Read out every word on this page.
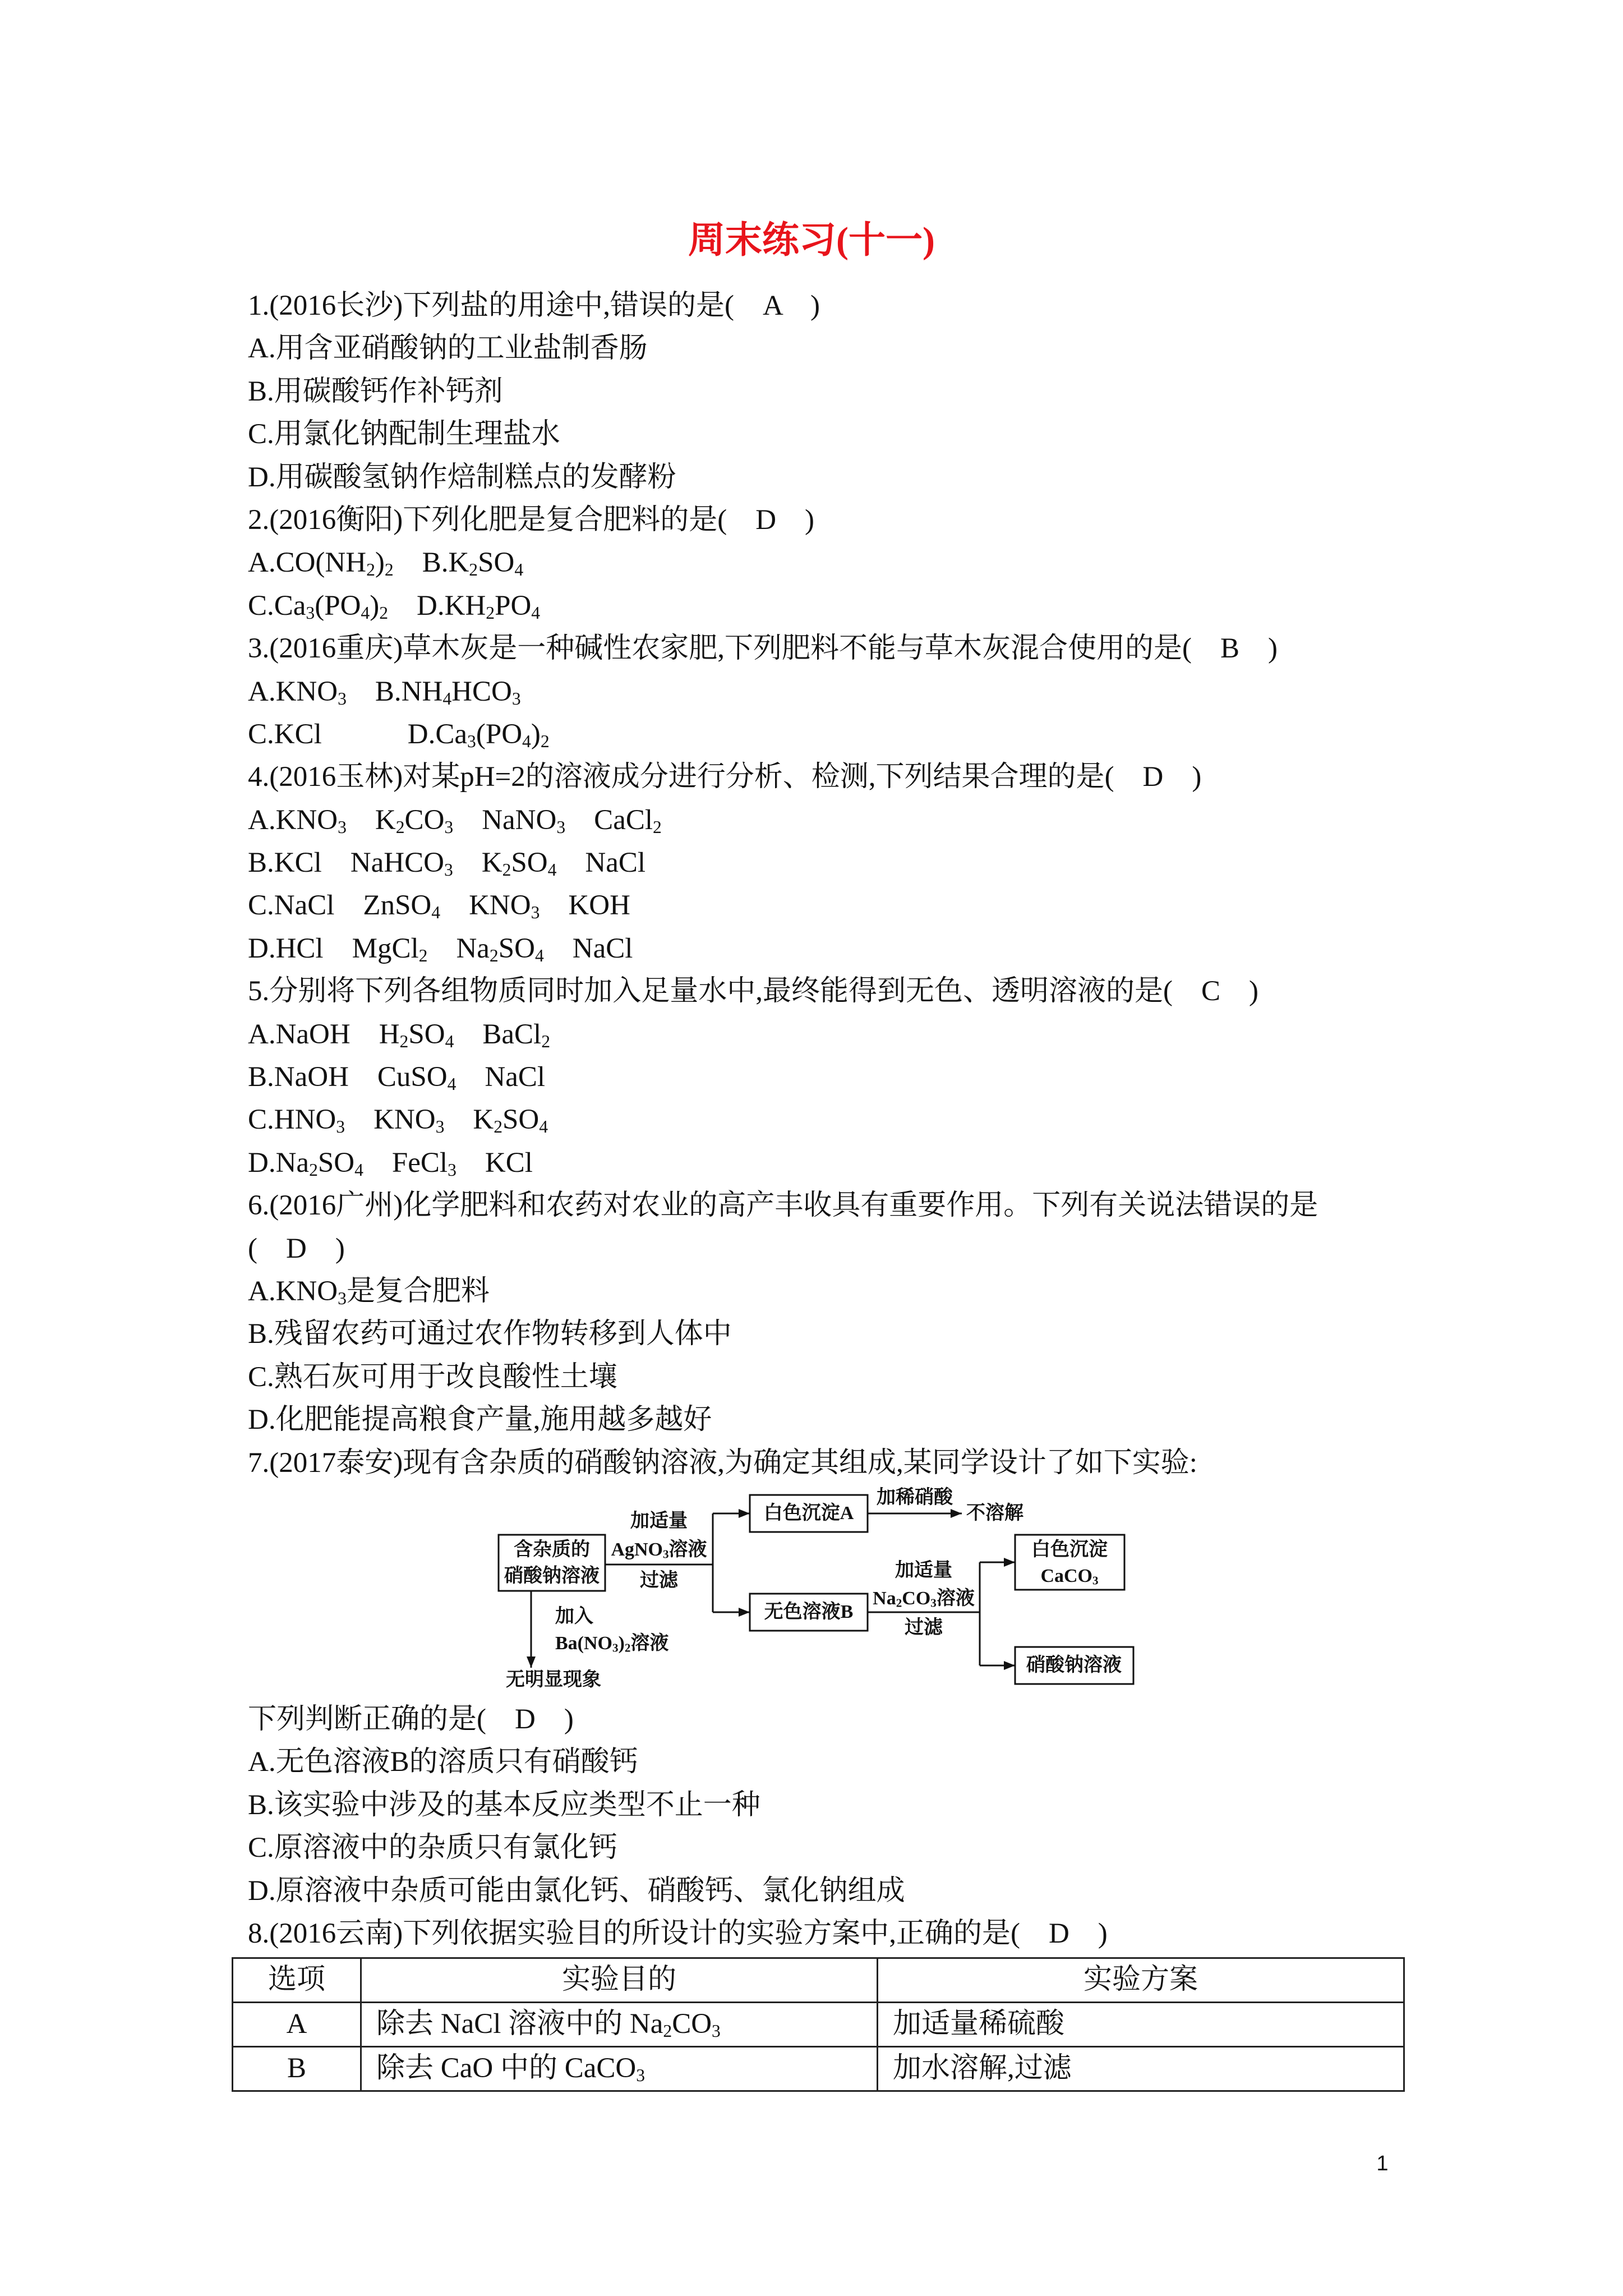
周末练习(十一)
1.(2016长沙)下列盐的用途中,错误的是(　A　)
A.用含亚硝酸钠的工业盐制香肠
B.用碳酸钙作补钙剂
C.用氯化钠配制生理盐水
D.用碳酸氢钠作焙制糕点的发酵粉
2.(2016衡阳)下列化肥是复合肥料的是(　D　)
$A.CO(NH_2)_2$　$B.K_2SO_4$
$C.Ca_3(PO_4)_2$　$D.KH_2PO_4$
3.(2016重庆)草木灰是一种碱性农家肥,下列肥料不能与草木灰混合使用的是(　B　)
$A.KNO_3$　$B.NH_4HCO_3$
C.KCl　　　$D.Ca_3(PO_4)_2$
4.(2016玉林)对某pH=2的溶液成分进行分析、检测,下列结果合理的是(　D　)
$A.KNO_3$　$K_2CO_3$　NaNO$_3$　CaCl$_2$
B.KCl　NaHCO$_3$　$K_2SO_4$　NaCl
C.NaCl　ZnSO$_4$　$KNO_3$　KOH
D.HCl　MgCl$_2$　$Na_2SO_4$　NaCl
5.分别将下列各组物质同时加入足量水中,最终能得到无色、透明溶液的是(　C　)
A.NaOH　$H_2SO_4$　BaCl$_2$
B.NaOH　CuSO$_4$　NaCl
$C.HNO_3$　$KNO_3$　$K_2SO_4$
$D.Na_2SO_4$　FeCl$_3$　KCl
6.(2016广州)化学肥料和农药对农业的高产丰收具有重要作用。下列有关说法错误的是
(　D　)
$A.KNO_3$是复合肥料
B.残留农药可通过农作物转移到人体中
C.熟石灰可用于改良酸性土壤
D.化肥能提高粮食产量,施用越多越好
7.(2017泰安)现有含杂质的硝酸钠溶液,为确定其组成,某同学设计了如下实验:
含杂质的
硝酸钠溶液
加适量
AgNO$_3$溶液
过滤
白色沉淀A
加稀硝酸
不溶解
无色溶液B
加适量
$Na_2CO_3$溶液
过滤
白色沉淀
CaCO$_3$
硝酸钠溶液
加入
$Ba(NO_3)_2$溶液
无明显现象
下列判断正确的是(　D　)
A.无色溶液B的溶质只有硝酸钙
B.该实验中涉及的基本反应类型不止一种
C.原溶液中的杂质只有氯化钙
D.原溶液中杂质可能由氯化钙、硝酸钙、氯化钠组成
8.(2016云南)下列依据实验目的所设计的实验方案中,正确的是(　D　)
选项	实验目的	实验方案
A	除去 NaCl 溶液中的 $Na_2CO_3$	加适量稀硫酸
B	除去 CaO 中的 CaCO$_3$	加水溶解,过滤
1
